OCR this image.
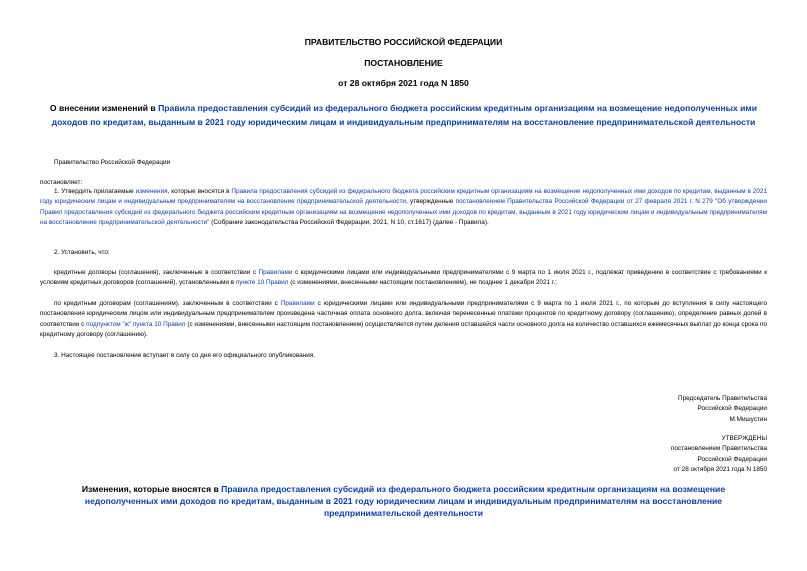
ПРАВИТЕЛЬСТВО РОССИЙСКОЙ ФЕДЕРАЦИИ
ПОСТАНОВЛЕНИЕ
от 28 октября 2021 года N 1850
О внесении изменений в Правила предоставления субсидий из федерального бюджета российским кредитным организациям на возмещение недополученных ими доходов по кредитам, выданным в 2021 году юридическим лицам и индивидуальным предпринимателям на восстановление предпринимательской деятельности
Правительство Российской Федерации
постановляет:
1. Утвердить прилагаемые изменения, которые вносятся в Правила предоставления субсидий из федерального бюджета российским кредитным организациям на возмещение недополученных ими доходов по кредитам, выданным в 2021 году юридическим лицам и индивидуальным предпринимателям на восстановление предпринимательской деятельности, утвержденные постановлением Правительства Российской Федерации от 27 февраля 2021 г. N 279 "Об утверждении Правил предоставления субсидий из федерального бюджета российским кредитным организациям на возмещение недополученных ими доходов по кредитам, выданным в 2021 году юридическим лицам и индивидуальным предпринимателям на восстановление предпринимательской деятельности" (Собрание законодательства Российской Федерации, 2021, N 10, ст.1617) (далее - Правила).
2. Установить, что:
кредитные договоры (соглашения), заключенные в соответствии с Правилами с юридическими лицами или индивидуальными предпринимателями с 9 марта по 1 июля 2021 г., подлежат приведению в соответствие с требованиями к условиям кредитных договоров (соглашений), установленными в пункте 10 Правил (с изменениями, внесенными настоящим постановлением), не позднее 1 декабря 2021 г.;
по кредитным договорам (соглашениям), заключенным в соответствии с Правилами с юридическими лицами или индивидуальными предпринимателями с 9 марта по 1 июля 2021 г., по которым до вступления в силу настоящего постановления юридическим лицом или индивидуальным предпринимателем произведена частичная оплата основного долга, включая перенесенные платежи процентов по кредитному договору (соглашению), определение равных долей в соответствии с подпунктом "ж" пункта 10 Правил (с изменениями, внесенными настоящим постановлением) осуществляется путем деления оставшейся части основного долга на количество оставшихся ежемесячных выплат до конца срока по кредитному договору (соглашению).
3. Настоящее постановление вступает в силу со дня его официального опубликования.
Председатель Правительства
Российской Федерации
М.Мишустин
УТВЕРЖДЕНЫ
постановлением Правительства
Российской Федерации
от 28 октября 2021 года N 1850
Изменения, которые вносятся в Правила предоставления субсидий из федерального бюджета российским кредитным организациям на возмещение недополученных ими доходов по кредитам, выданным в 2021 году юридическим лицам и индивидуальным предпринимателям на восстановление предпринимательской деятельности
